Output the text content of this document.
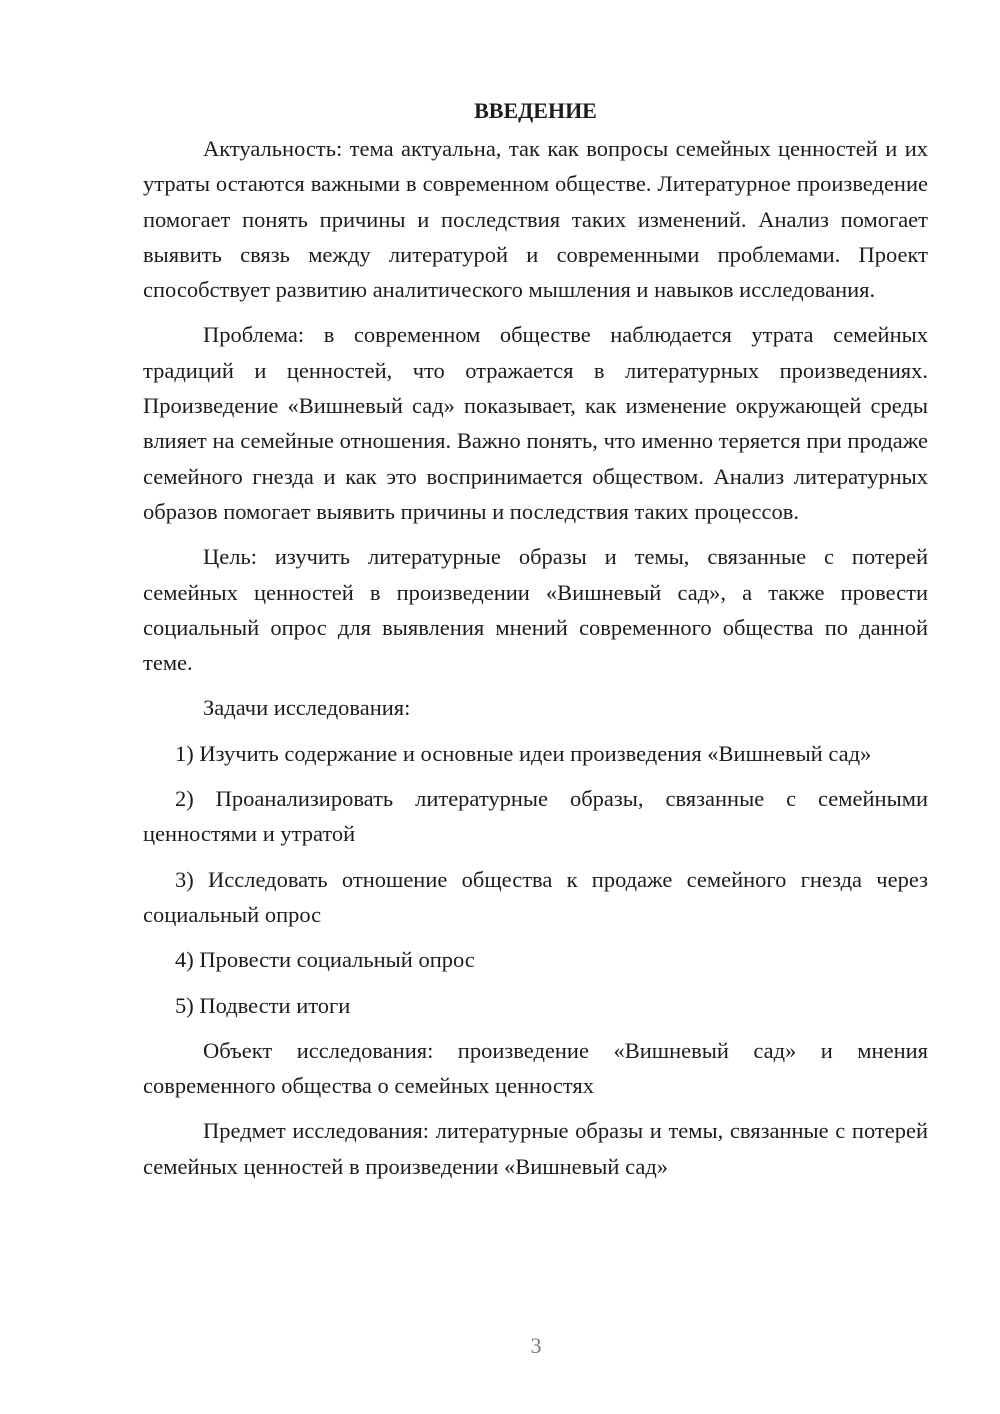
ВВЕДЕНИЕ

Актуальность: тема актуальна, так как вопросы семейных ценностей и их утраты остаются важными в современном обществе. Литературное произведение помогает понять причины и последствия таких изменений. Анализ помогает выявить связь между литературой и современными проблемами. Проект способствует развитию аналитического мышления и навыков исследования.

Проблема: в современном обществе наблюдается утрата семейных традиций и ценностей, что отражается в литературных произведениях. Произведение «Вишневый сад» показывает, как изменение окружающей среды влияет на семейные отношения. Важно понять, что именно теряется при продаже семейного гнезда и как это воспринимается обществом. Анализ литературных образов помогает выявить причины и последствия таких процессов.

Цель: изучить литературные образы и темы, связанные с потерей семейных ценностей в произведении «Вишневый сад», а также провести социальный опрос для выявления мнений современного общества по данной теме.

Задачи исследования:

1) Изучить содержание и основные идеи произведения «Вишневый сад»

2) Проанализировать литературные образы, связанные с семейными ценностями и утратой

3) Исследовать отношение общества к продаже семейного гнезда через социальный опрос

4) Провести социальный опрос

5) Подвести итоги

Объект исследования: произведение «Вишневый сад» и мнения современного общества о семейных ценностях

Предмет исследования: литературные образы и темы, связанные с потерей семейных ценностей в произведении «Вишневый сад»

3
